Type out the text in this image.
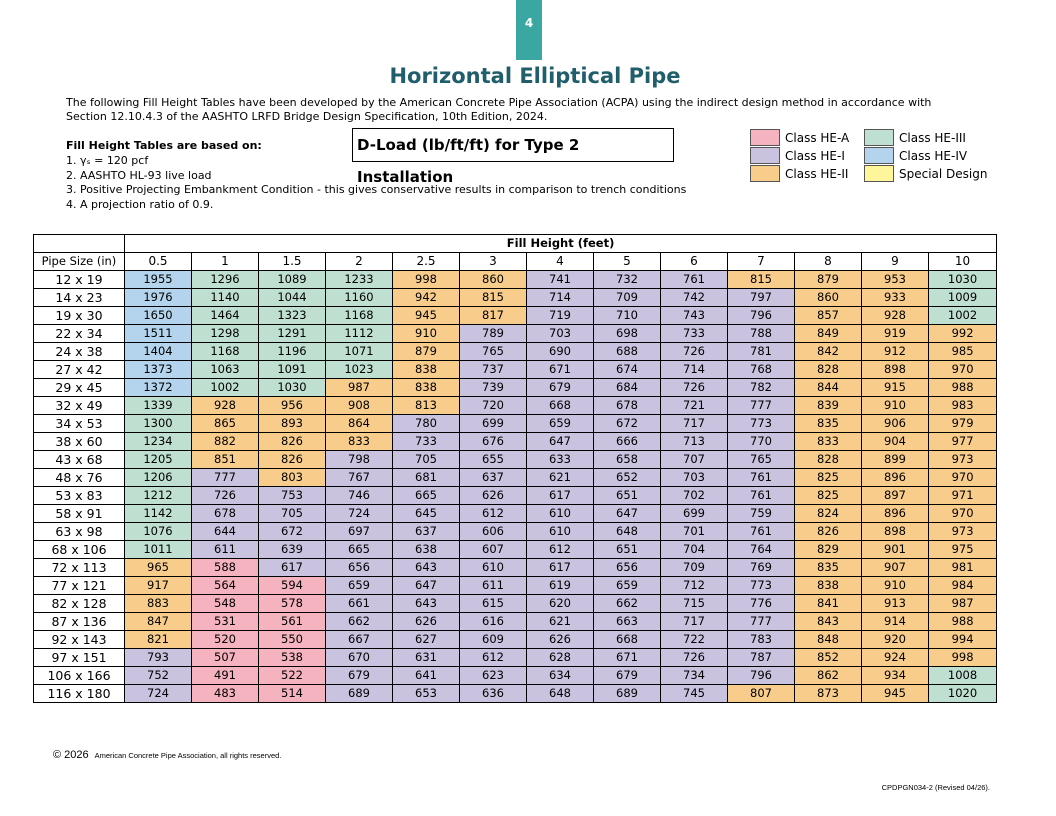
4
Horizontal Elliptical Pipe
The following Fill Height Tables have been developed by the American Concrete Pipe Association (ACPA) using the indirect design method in accordance with Section 12.10.4.3 of the AASHTO LRFD Bridge Design Specification, 10th Edition, 2024.
Fill Height Tables are based on:
1. γₛ = 120 pcf
2. AASHTO HL-93 live load
3. Positive Projecting Embankment Condition - this gives conservative results in comparison to trench conditions
4. A projection ratio of 0.9.
D-Load (lb/ft/ft) for Type 2 Installation
Class HE-A
Class HE-I
Class HE-II
Class HE-III
Class HE-IV
Special Design
	Fill Height (feet)												
Pipe Size (in)	0.5	1	1.5	2	2.5	3	4	5	6	7	8	9	10
12 x 19	1955	1296	1089	1233	998	860	741	732	761	815	879	953	1030
14 x 23	1976	1140	1044	1160	942	815	714	709	742	797	860	933	1009
19 x 30	1650	1464	1323	1168	945	817	719	710	743	796	857	928	1002
22 x 34	1511	1298	1291	1112	910	789	703	698	733	788	849	919	992
24 x 38	1404	1168	1196	1071	879	765	690	688	726	781	842	912	985
27 x 42	1373	1063	1091	1023	838	737	671	674	714	768	828	898	970
29 x 45	1372	1002	1030	987	838	739	679	684	726	782	844	915	988
32 x 49	1339	928	956	908	813	720	668	678	721	777	839	910	983
34 x 53	1300	865	893	864	780	699	659	672	717	773	835	906	979
38 x 60	1234	882	826	833	733	676	647	666	713	770	833	904	977
43 x 68	1205	851	826	798	705	655	633	658	707	765	828	899	973
48 x 76	1206	777	803	767	681	637	621	652	703	761	825	896	970
53 x 83	1212	726	753	746	665	626	617	651	702	761	825	897	971
58 x 91	1142	678	705	724	645	612	610	647	699	759	824	896	970
63 x 98	1076	644	672	697	637	606	610	648	701	761	826	898	973
68 x 106	1011	611	639	665	638	607	612	651	704	764	829	901	975
72 x 113	965	588	617	656	643	610	617	656	709	769	835	907	981
77 x 121	917	564	594	659	647	611	619	659	712	773	838	910	984
82 x 128	883	548	578	661	643	615	620	662	715	776	841	913	987
87 x 136	847	531	561	662	626	616	621	663	717	777	843	914	988
92 x 143	821	520	550	667	627	609	626	668	722	783	848	920	994
97 x 151	793	507	538	670	631	612	628	671	726	787	852	924	998
106 x 166	752	491	522	679	641	623	634	679	734	796	862	934	1008
116 x 180	724	483	514	689	653	636	648	689	745	807	873	945	1020
© 2026 American Concrete Pipe Association, all rights reserved.
CPDPGN034-2 (Revised 04/26).
